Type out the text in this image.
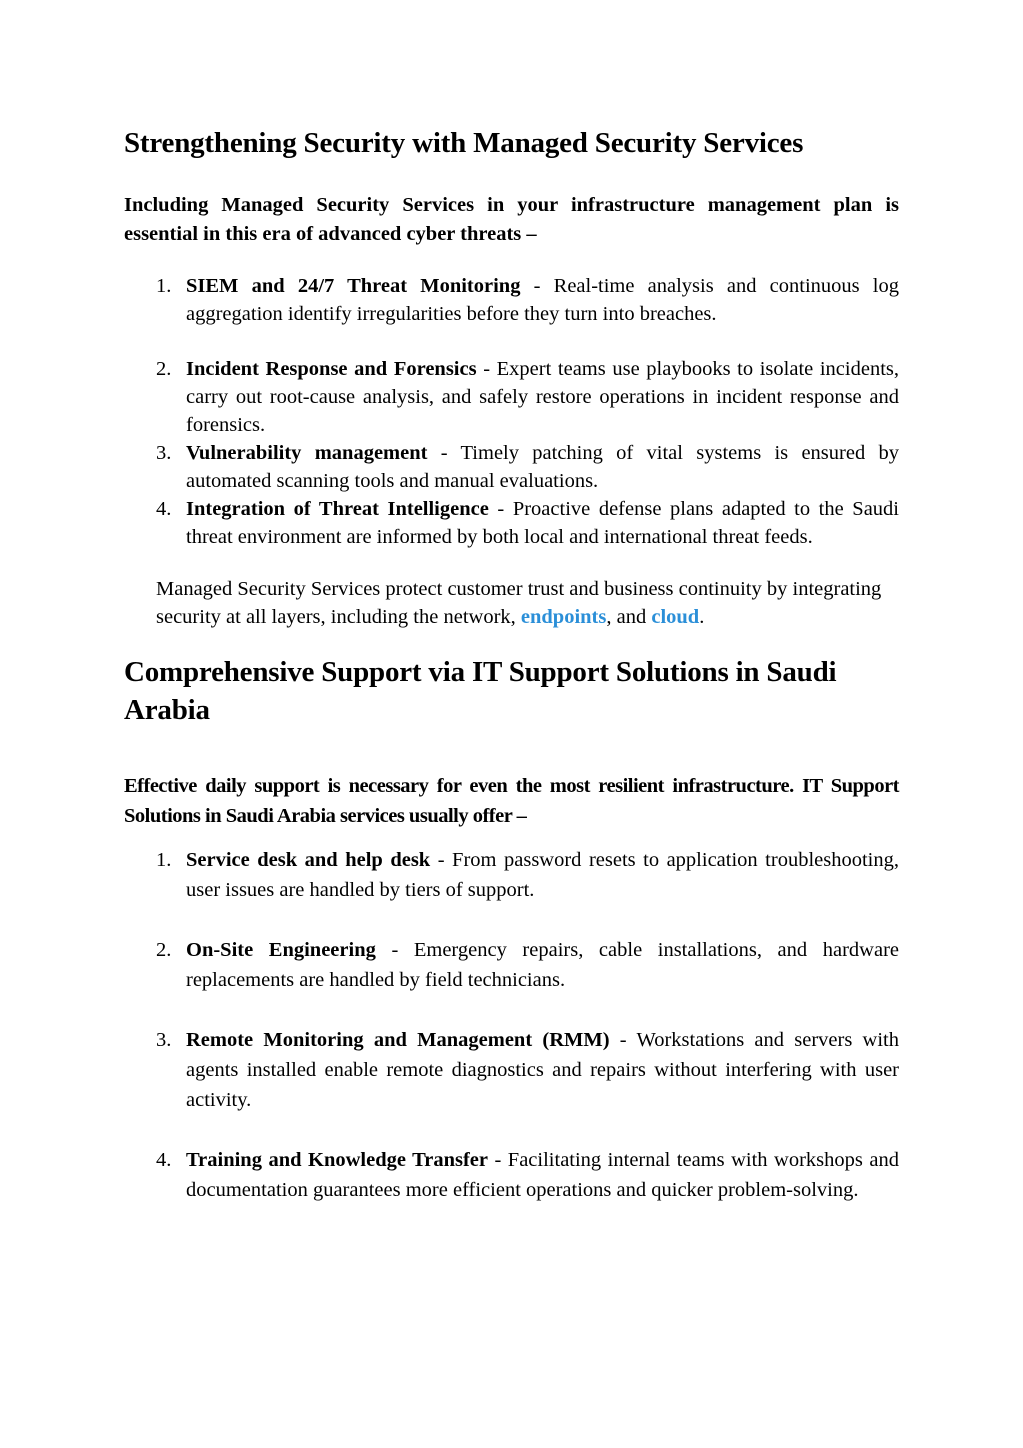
Strengthening Security with Managed Security Services

Including Managed Security Services in your infrastructure management plan is essential in this era of advanced cyber threats –

1. SIEM and 24/7 Threat Monitoring - Real-time analysis and continuous log aggregation identify irregularities before they turn into breaches.
2. Incident Response and Forensics - Expert teams use playbooks to isolate incidents, carry out root-cause analysis, and safely restore operations in incident response and forensics.
3. Vulnerability management - Timely patching of vital systems is ensured by automated scanning tools and manual evaluations.
4. Integration of Threat Intelligence - Proactive defense plans adapted to the Saudi threat environment are informed by both local and international threat feeds.

Managed Security Services protect customer trust and business continuity by integrating security at all layers, including the network, endpoints, and cloud.

Comprehensive Support via IT Support Solutions in Saudi Arabia

Effective daily support is necessary for even the most resilient infrastructure. IT Support Solutions in Saudi Arabia services usually offer –

1. Service desk and help desk - From password resets to application troubleshooting, user issues are handled by tiers of support.
2. On-Site Engineering - Emergency repairs, cable installations, and hardware replacements are handled by field technicians.
3. Remote Monitoring and Management (RMM) - Workstations and servers with agents installed enable remote diagnostics and repairs without interfering with user activity.
4. Training and Knowledge Transfer - Facilitating internal teams with workshops and documentation guarantees more efficient operations and quicker problem-solving.
